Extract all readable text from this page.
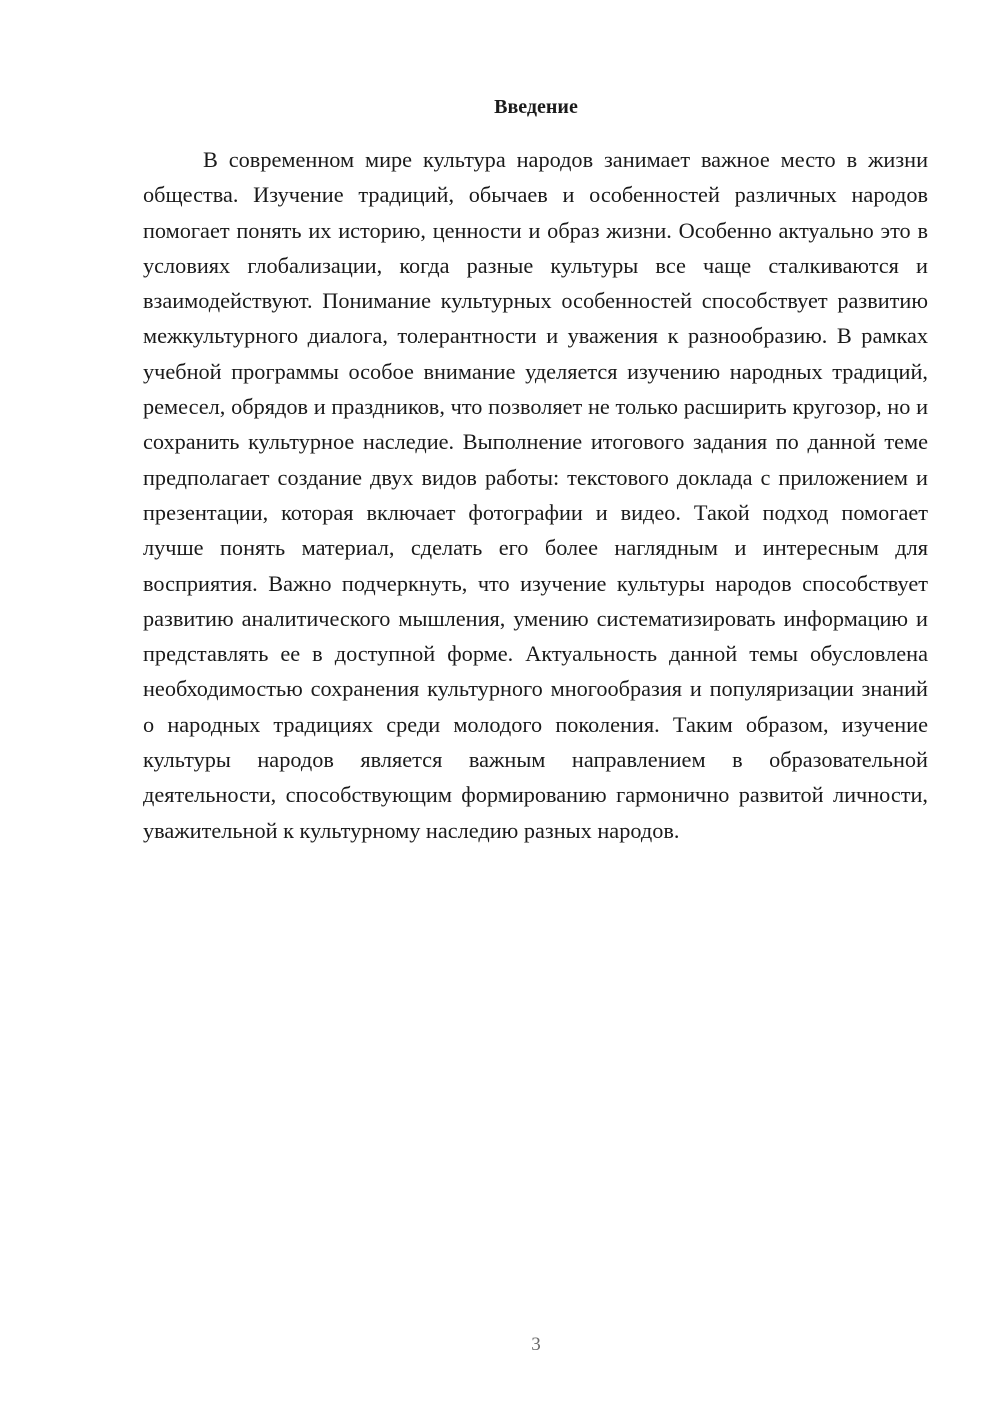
Введение

В современном мире культура народов занимает важное место в жизни общества. Изучение традиций, обычаев и особенностей различных народов помогает понять их историю, ценности и образ жизни. Особенно актуально это в условиях глобализации, когда разные культуры все чаще сталкиваются и взаимодействуют. Понимание культурных особенностей способствует развитию межкультурного диалога, толерантности и уважения к разнообразию. В рамках учебной программы особое внимание уделяется изучению народных традиций, ремесел, обрядов и праздников, что позволяет не только расширить кругозор, но и сохранить культурное наследие. Выполнение итогового задания по данной теме предполагает создание двух видов работы: текстового доклада с приложением и презентации, которая включает фотографии и видео. Такой подход помогает лучше понять материал, сделать его более наглядным и интересным для восприятия. Важно подчеркнуть, что изучение культуры народов способствует развитию аналитического мышления, умению систематизировать информацию и представлять ее в доступной форме. Актуальность данной темы обусловлена необходимостью сохранения культурного многообразия и популяризации знаний о народных традициях среди молодого поколения. Таким образом, изучение культуры народов является важным направлением в образовательной деятельности, способствующим формированию гармонично развитой личности, уважительной к культурному наследию разных народов.

3
